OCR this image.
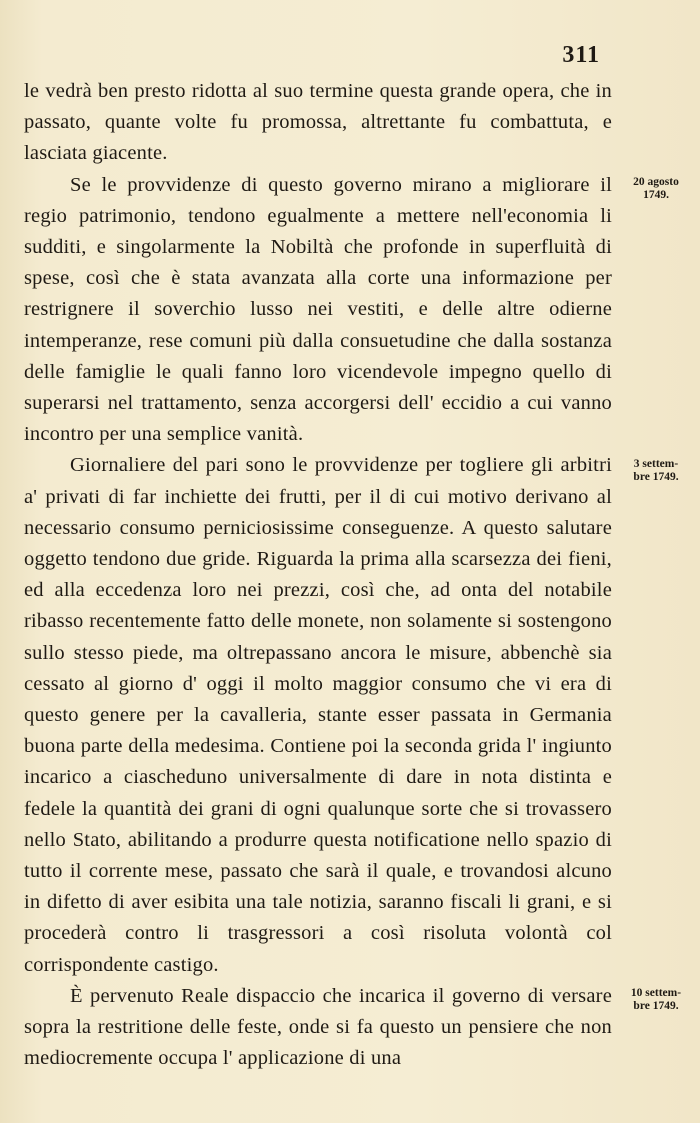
311

le vedrà ben presto ridotta al suo termine questa grande opera, che in passato, quante volte fu promossa, altrettante fu combattuta, e lasciata giacente.

Se le provvidenze di questo governo mirano a migliorare il regio patrimonio, tendono egualmente a mettere nell'economia li sudditi, e singolarmente la Nobiltà che profonde in superfluità di spese, così che è stata avanzata alla corte una informazione per restrignere il soverchio lusso nei vestiti, e delle altre odierne intemperanze, rese comuni più dalla consuetudine che dalla sostanza delle famiglie le quali fanno loro vicendevole impegno quello di superarsi nel trattamento, senza accorgersi dell' eccidio a cui vanno incontro per una semplice vanità.

Giornaliere del pari sono le provvidenze per togliere gli arbitri a' privati di far inchiette dei frutti, per il di cui motivo derivano al necessario consumo perniciosissime conseguenze. A questo salutare oggetto tendono due gride. Riguarda la prima alla scarsezza dei fieni, ed alla eccedenza loro nei prezzi, così che, ad onta del notabile ribasso recentemente fatto delle monete, non solamente si sostengono sullo stesso piede, ma oltrepassano ancora le misure, abbenchè sia cessato al giorno d' oggi il molto maggior consumo che vi era di questo genere per la cavalleria, stante esser passata in Germania buona parte della medesima. Contiene poi la seconda grida l' ingiunto incarico a ciascheduno universalmente di dare in nota distinta e fedele la quantità dei grani di ogni qualunque sorte che si trovassero nello Stato, abilitando a produrre questa notificatione nello spazio di tutto il corrente mese, passato che sarà il quale, e trovandosi alcuno in difetto di aver esibita una tale notizia, saranno fiscali li grani, e si procederà contro li trasgressori a così risoluta volontà col corrispondente castigo.

È pervenuto Reale dispaccio che incarica il governo di versare sopra la restritione delle feste, onde si fa questo un pensiere che non mediocremente occupa l' applicazione di una

20 agosto
1749.
3 settem-
bre 1749.
10 settem-
bre 1749.
